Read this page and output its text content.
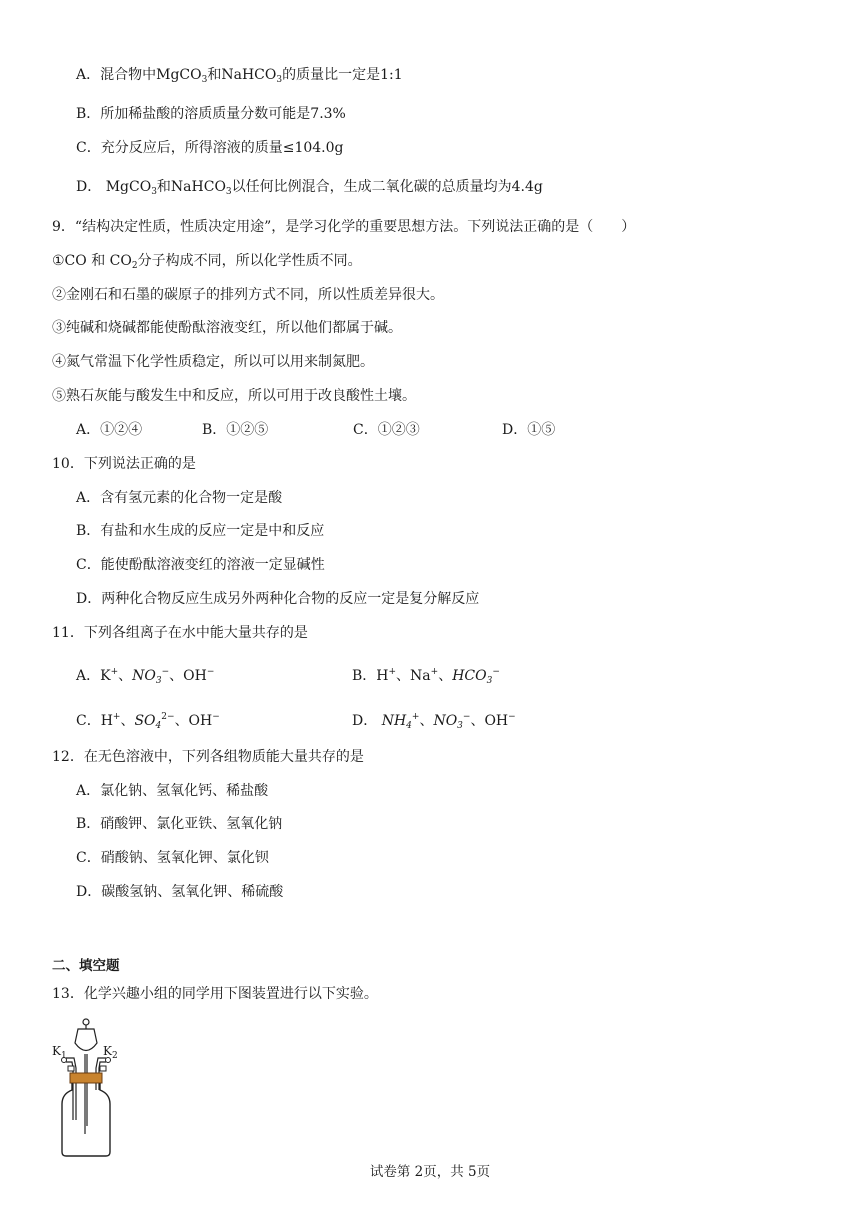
A．混合物中MgCO$_3$和NaHCO$_3$的质量比一定是1:1
B．所加稀盐酸的溶质质量分数可能是7.3%
C．充分反应后，所得溶液的质量≤104.0g
D． MgCO$_3$和NaHCO$_3$以任何比例混合，生成二氧化碳的总质量均为4.4g
9．“结构决定性质，性质决定用途”，是学习化学的重要思想方法。下列说法正确的是（　　）
①CO 和 $CO_2$分子构成不同，所以化学性质不同。
②金刚石和石墨的碳原子的排列方式不同，所以性质差异很大。
③纯碱和烧碱都能使酚酞溶液变红，所以他们都属于碱。
④氮气常温下化学性质稳定，所以可以用来制氮肥。
⑤熟石灰能与酸发生中和反应，所以可用于改良酸性土壤。
A．①②④	B．①②⑤	C．①②③	D．①⑤
10．下列说法正确的是
A．含有氢元素的化合物一定是酸
B．有盐和水生成的反应一定是中和反应
C．能使酚酞溶液变红的溶液一定显碱性
D．两种化合物反应生成另外两种化合物的反应一定是复分解反应
11．下列各组离子在水中能大量共存的是
A．K+、$NO_3^-$、OH−	B．H+、Na+、$HCO_3^-$
C．H+、$SO_4^{2-}$、OH−	D． $NH_4^+$、$NO_3^-$、OH−
12．在无色溶液中，下列各组物质能大量共存的是
A．氯化钠、氢氧化钙、稀盐酸
B．硝酸钾、氯化亚铁、氢氧化钠
C．硝酸钠、氢氧化钾、氯化钡
D．碳酸氢钠、氢氧化钾、稀硫酸
二、填空题
13．化学兴趣小组的同学用下图装置进行以下实验。
$K_1$	$K_2$
试卷第 2页，共 5页
